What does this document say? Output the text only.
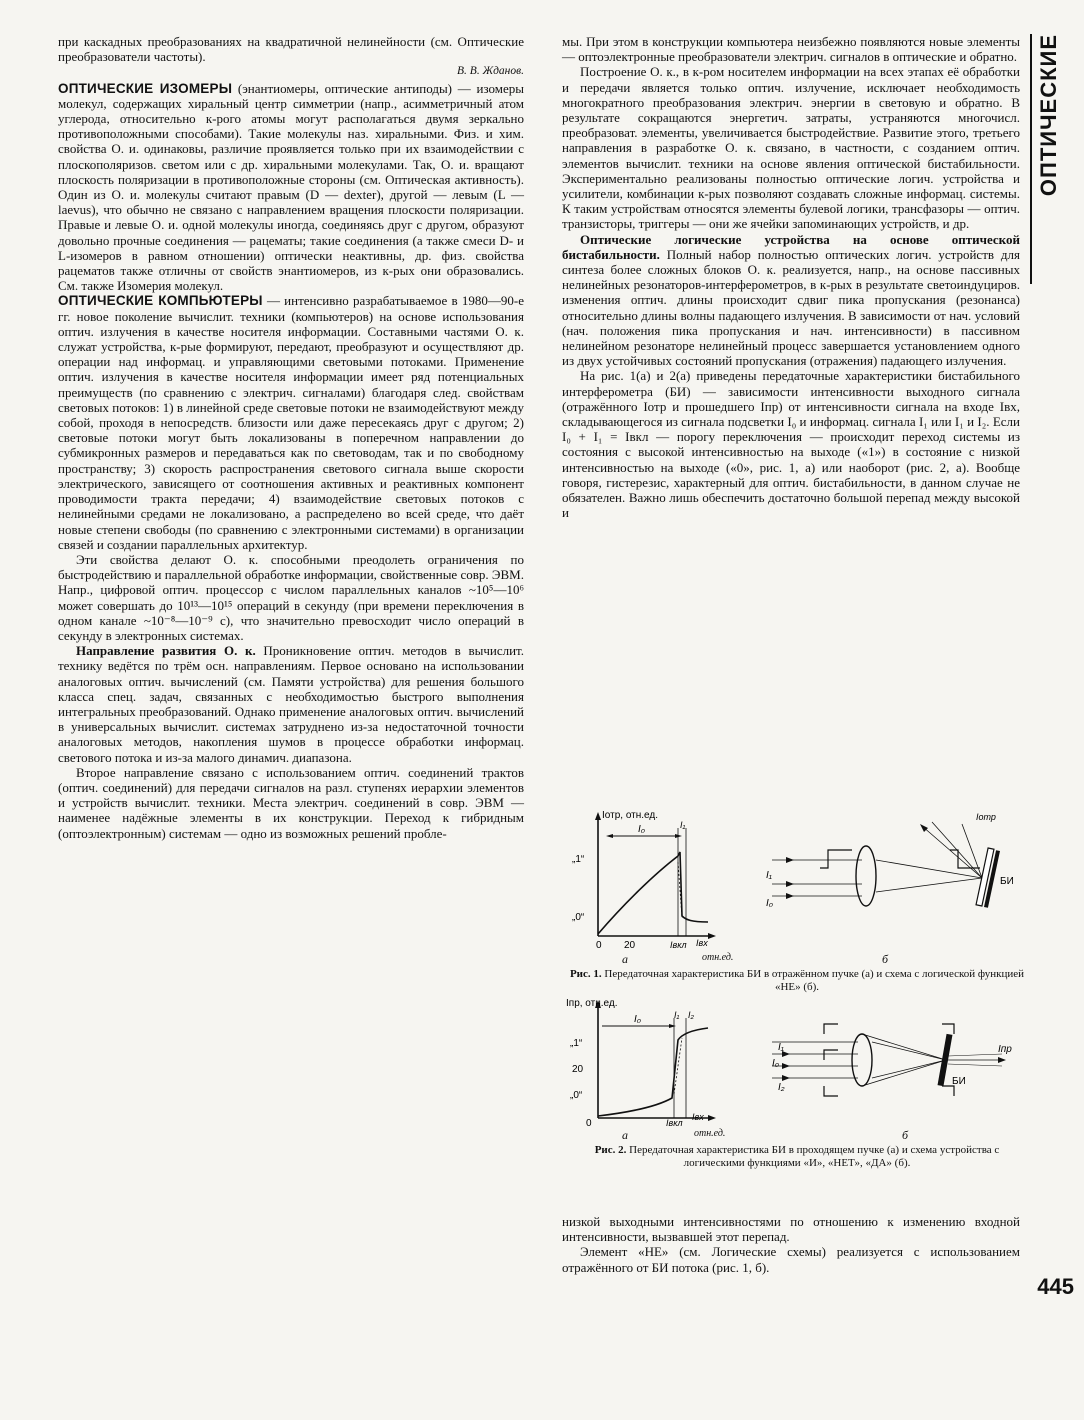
при каскадных преобразованиях на квадратичной нелинейности (см. Оптические преобразователи частоты).

В. В. Жданов.

ОПТИЧЕСКИЕ ИЗОМЕРЫ (энантиомеры, оптические антиподы) — изомеры молекул, содержащих хиральный центр симметрии (напр., асимметричный атом углерода, относительно к-рого атомы могут располагаться двумя зеркально противоположными способами). Такие молекулы наз. хиральными. Физ. и хим. свойства О. и. одинаковы, различие проявляется только при их взаимодействии с плоскополяризов. светом или с др. хиральными молекулами. Так, О. и. вращают плоскость поляризации в противоположные стороны (см. Оптическая активность). Один из О. и. молекулы считают правым (D — dexter), другой — левым (L — laevus), что обычно не связано с направлением вращения плоскости поляризации. Правые и левые О. и. одной молекулы иногда, соединяясь друг с другом, образуют довольно прочные соединения — рацематы; такие соединения (а также смеси D- и L-изомеров в равном отношении) оптически неактивны, др. физ. свойства рацематов также отличны от свойств энантиомеров, из к-рых они образовались. См. также Изомерия молекул.

ОПТИЧЕСКИЕ КОМПЬЮТЕРЫ — интенсивно разрабатываемое в 1980—90-е гг. новое поколение вычислит. техники (компьютеров) на основе использования оптич. излучения в качестве носителя информации. Составными частями О. к. служат устройства, к-рые формируют, передают, преобразуют и осуществляют др. операции над информац. и управляющими световыми потоками. Применение оптич. излучения в качестве носителя информации имеет ряд потенциальных преимуществ (по сравнению с электрич. сигналами) благодаря след. свойствам световых потоков: 1) в линейной среде световые потоки не взаимодействуют между собой, проходя в непосредств. близости или даже пересекаясь друг с другом; 2) световые потоки могут быть локализованы в поперечном направлении до субмикронных размеров и передаваться как по световодам, так и по свободному пространству; 3) скорость распространения светового сигнала выше скорости электрического, зависящего от соотношения активных и реактивных компонент проводимости тракта передачи; 4) взаимодействие световых потоков с нелинейными средами не локализовано, а распределено во всей среде, что даёт новые степени свободы (по сравнению с электронными системами) в организации связей и создании параллельных архитектур.

Эти свойства делают О. к. способными преодолеть ограничения по быстродействию и параллельной обработке информации, свойственные совр. ЭВМ. Напр., цифровой оптич. процессор с числом параллельных каналов ~10⁵—10⁶ может совершать до 10¹³—10¹⁵ операций в секунду (при времени переключения в одном канале ~10⁻⁸—10⁻⁹ с), что значительно превосходит число операций в секунду в электронных системах.

Направление развития О. к. Проникновение оптич. методов в вычислит. технику ведётся по трём осн. направлениям. Первое основано на использовании аналоговых оптич. вычислений (см. Памяти устройства) для решения большого класса спец. задач, связанных с необходимостью быстрого выполнения интегральных преобразований. Однако применение аналоговых оптич. вычислений в универсальных вычислит. системах затруднено из-за недостаточной точности аналоговых методов, накопления шумов в процессе обработки информац. светового потока и из-за малого динамич. диапазона.

Второе направление связано с использованием оптич. соединений трактов (оптич. соединений) для передачи сигналов на разл. ступенях иерархии элементов и устройств вычислит. техники. Места электрич. соединений в совр. ЭВМ — наименее надёжные элементы в их конструкции. Переход к гибридным (оптоэлектронным) системам — одно из возможных решений пробле-

мы. При этом в конструкции компьютера неизбежно появляются новые элементы — оптоэлектронные преобразователи электрич. сигналов в оптические и обратно.

Построение О. к., в к-ром носителем информации на всех этапах её обработки и передачи является только оптич. излучение, исключает необходимость многократного преобразования электрич. энергии в световую и обратно. В результате сокращаются энергетич. затраты, устраняются многочисл. преобразоват. элементы, увеличивается быстродействие. Развитие этого, третьего направления в разработке О. к. связано, в частности, с созданием оптич. элементов вычислит. техники на основе явления оптической бистабильности. Экспериментально реализованы полностью оптические логич. устройства и усилители, комбинации к-рых позволяют создавать сложные информац. системы. К таким устройствам относятся элементы булевой логики, трансфазоры — оптич. транзисторы, триггеры — они же ячейки запоминающих устройств, и др.

Оптические логические устройства на основе оптической бистабильности. Полный набор полностью оптических логич. устройств для синтеза более сложных блоков О. к. реализуется, напр., на основе пассивных нелинейных резонаторов-интерферометров, в к-рых в результате светоиндуциров. изменения оптич. длины происходит сдвиг пика пропускания (резонанса) относительно длины волны падающего излучения. В зависимости от нач. условий (нач. положения пика пропускания и нач. интенсивности) в пассивном нелинейном резонаторе нелинейный процесс завершается установлением одного из двух устойчивых состояний пропускания (отражения) падающего излучения.

На рис. 1(а) и 2(а) приведены передаточные характеристики бистабильного интерферометра (БИ) — зависимости интенсивности выходного сигнала (отражённого Iотр и прошедшего Iпр) от интенсивности сигнала на входе Iвх, складывающегося из сигнала подсветки I₀ и информац. сигнала I₁ или I₁ и I₂. Если I₀ + I₁ = Iвкл — порогу переключения — происходит переход системы из состояния с высокой интенсивностью на выходе («1») в состояние с низкой интенсивностью на выходе («0», рис. 1, а) или наоборот (рис. 2, а). Вообще говоря, гистерезис, характерный для оптич. бистабильности, в данном случае не обязателен. Важно лишь обеспечить достаточно большой перепад между высокой и

ОПТИЧЕСКИЕ
Iотр, отн.ед.
I₀	I₁
„1“
„0“
0 20	Iвкл Iвх
Iотр
I₁
I₀
БИ
а	отн.ед.	б
Рис. 1. Передаточная характеристика БИ в отражённом пучке (а) и схема с логической функцией «НЕ» (б).
Iпр, отн.ед.
I₀	I₁ I₂
„1“
20
„0“
0	Iвкл
Iвх
I₁
I₀
I₂
Iпр
БИ
а	отн.ед.	б
Рис. 2. Передаточная характеристика БИ в проходящем пучке (а) и схема устройства с логическими функциями «И», «НЕТ», «ДА» (б).

низкой выходными интенсивностями по отношению к изменению входной интенсивности, вызвавшей этот перепад.

Элемент «НЕ» (см. Логические схемы) реализуется с использованием отражённого от БИ потока (рис. 1, б).

445
